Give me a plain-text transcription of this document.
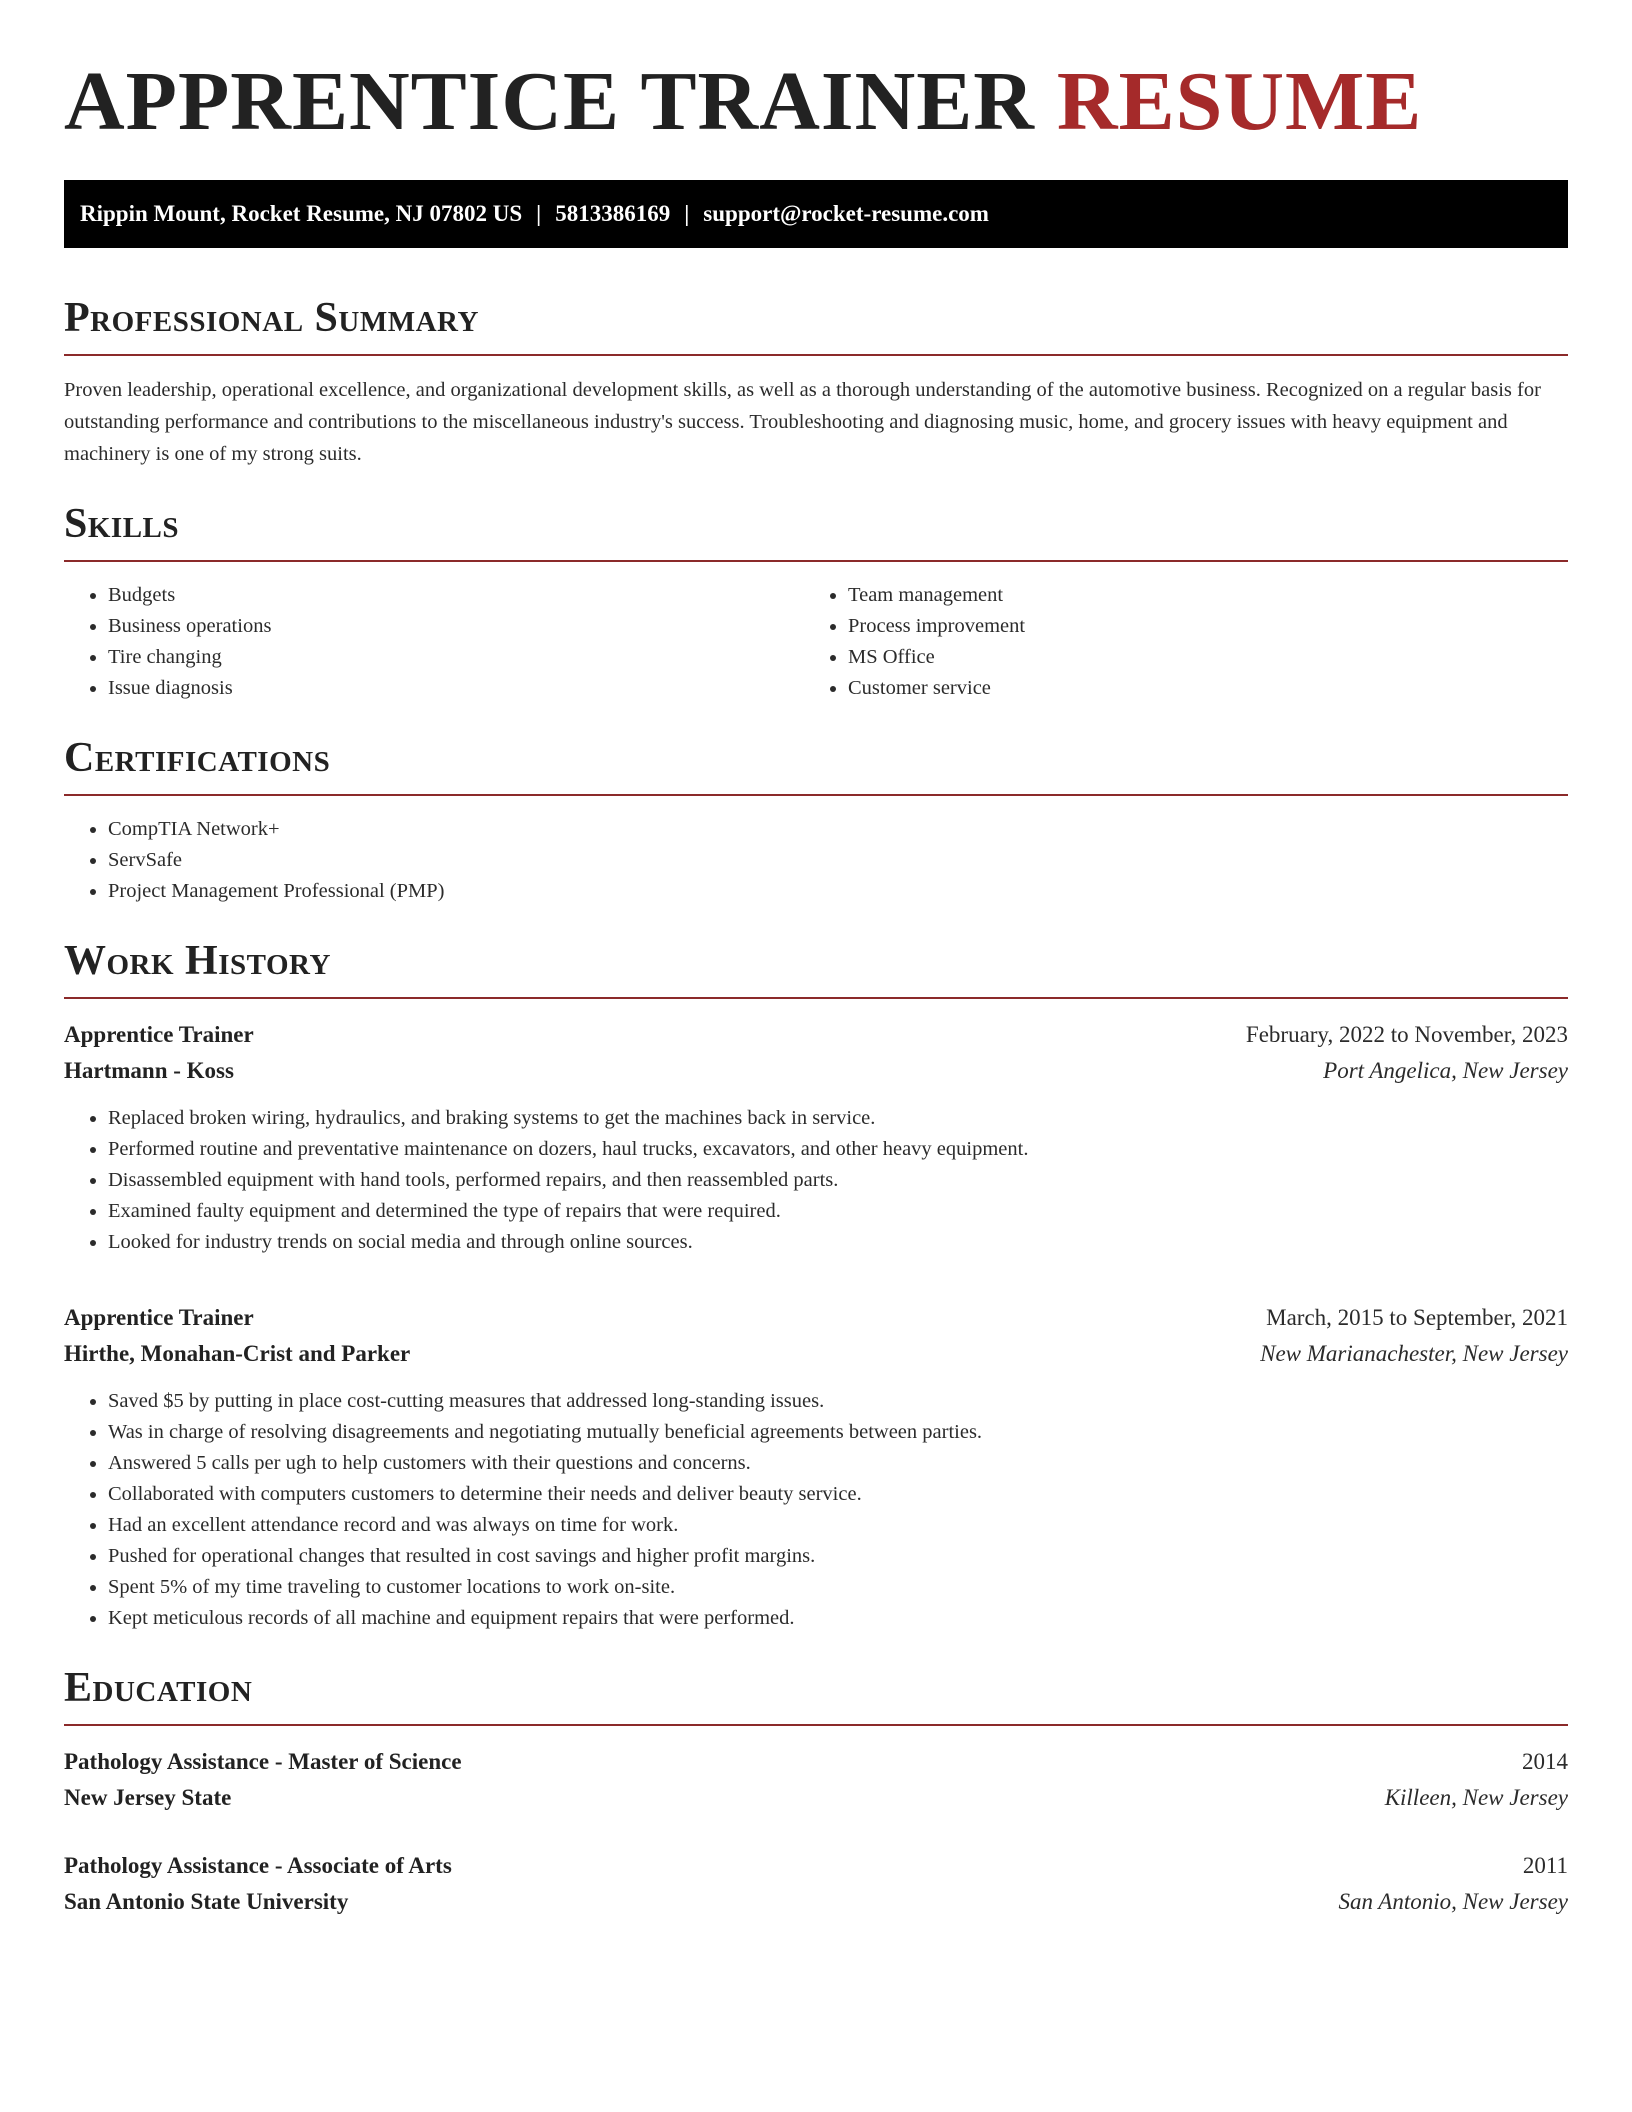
APPRENTICE TRAINER RESUME
Rippin Mount, Rocket Resume, NJ 07802 US | 5813386169 | support@rocket-resume.com
Professional Summary

Proven leadership, operational excellence, and organizational development skills, as well as a thorough understanding of the automotive business. Recognized on a regular basis for outstanding performance and contributions to the miscellaneous industry's success. Troubleshooting and diagnosing music, home, and grocery issues with heavy equipment and machinery is one of my strong suits.

Skills
• Budgets
• Business operations
• Tire changing
• Issue diagnosis
• Team management
• Process improvement
• MS Office
• Customer service
Certifications
• CompTIA Network+
• ServSafe
• Project Management Professional (PMP)
Work History
Apprentice Trainer	February, 2022 to November, 2023
Hartmann - Koss	Port Angelica, New Jersey
• Replaced broken wiring, hydraulics, and braking systems to get the machines back in service.
• Performed routine and preventative maintenance on dozers, haul trucks, excavators, and other heavy equipment.
• Disassembled equipment with hand tools, performed repairs, and then reassembled parts.
• Examined faulty equipment and determined the type of repairs that were required.
• Looked for industry trends on social media and through online sources.
Apprentice Trainer	March, 2015 to September, 2021
Hirthe, Monahan-Crist and Parker	New Marianachester, New Jersey
• Saved $5 by putting in place cost-cutting measures that addressed long-standing issues.
• Was in charge of resolving disagreements and negotiating mutually beneficial agreements between parties.
• Answered 5 calls per ugh to help customers with their questions and concerns.
• Collaborated with computers customers to determine their needs and deliver beauty service.
• Had an excellent attendance record and was always on time for work.
• Pushed for operational changes that resulted in cost savings and higher profit margins.
• Spent 5% of my time traveling to customer locations to work on-site.
• Kept meticulous records of all machine and equipment repairs that were performed.
Education
Pathology Assistance - Master of Science	2014
New Jersey State	Killeen, New Jersey
Pathology Assistance - Associate of Arts	2011
San Antonio State University	San Antonio, New Jersey
